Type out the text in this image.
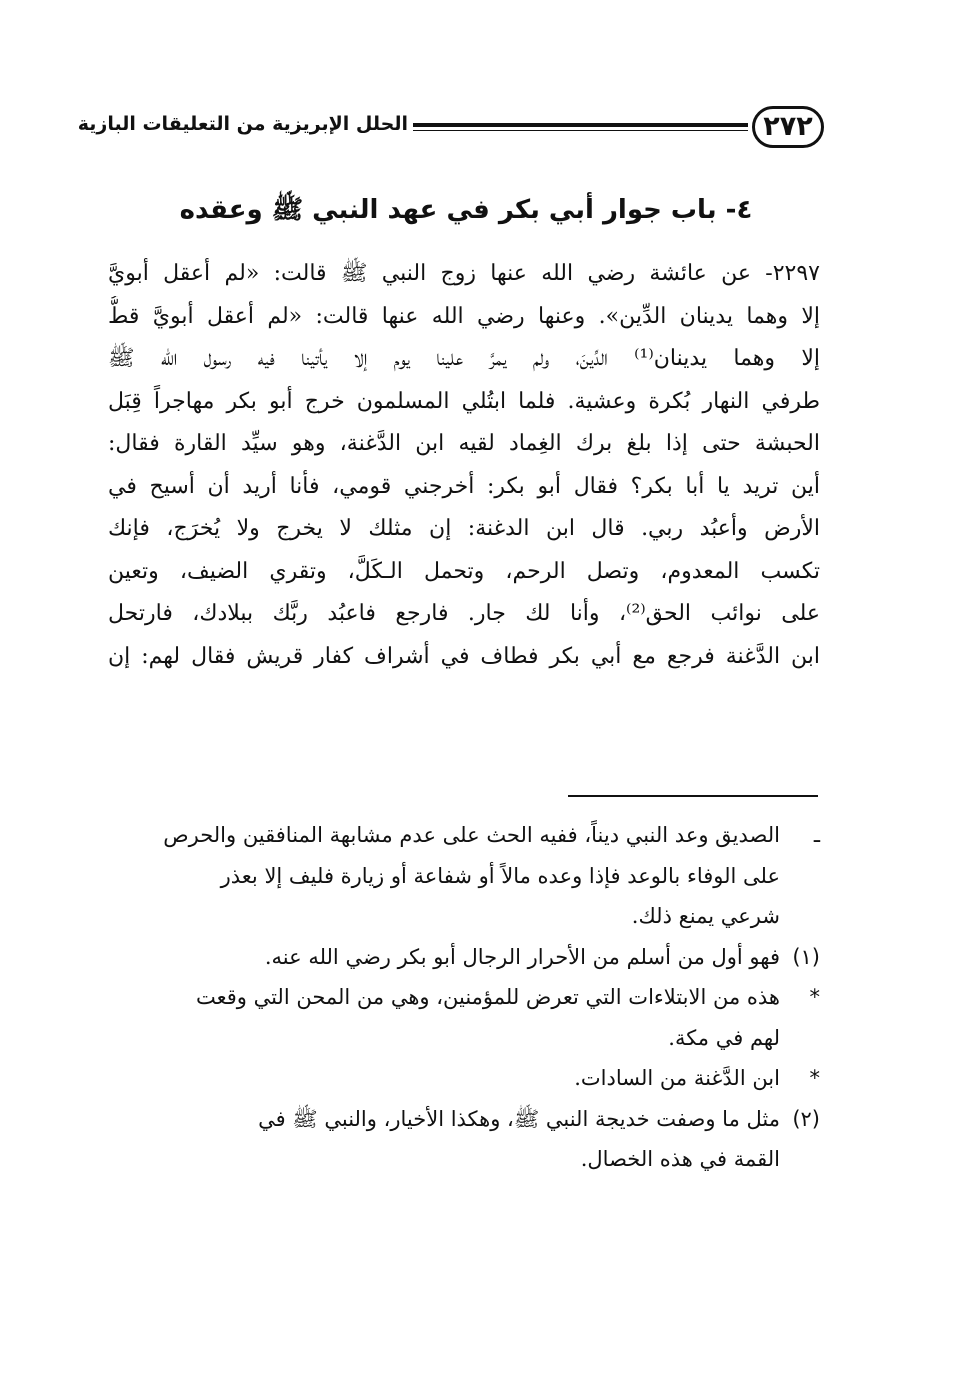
٢٧٢
الحلل الإبريزية من التعليقات البازية
٤- باب جوار أبي بكر في عهد النبي ﷺ وعقده
٢٢٩٧- عن عائشة رضي الله عنها زوج النبي ﷺ قالت: «لم أعقل أبويَّ
إلا وهما يدينان الدِّين». وعنها رضي الله عنها قالت: «لم أعقل أبويَّ قطُّ
إلا وهما يدينان⁽¹⁾ الدِّينَ، ولم يمرَّ علينا يوم إلا يأتينا فيه رسول الله ﷺ
طرفي النهار بُكرة وعشية. فلما ابتُلي المسلمون خرج أبو بكر مهاجراً قِبَل
الحبشة حتى إذا بلغ برك الغِماد لقيه ابن الدَّغنة، وهو سيِّد القارة فقال:
أين تريد يا أبا بكر؟ فقال أبو بكر: أخرجني قومي، فأنا أريد أن أسيح في
الأرض وأعبُد ربي. قال ابن الدغنة: إن مثلك لا يخرج ولا يُخرَج، فإنك
تكسب المعدوم، وتصل الرحم، وتحمل الـكَلَّ، وتقري الضيف، وتعين
على نوائب الحق⁽²⁾، وأنا لك جار. فارجع فاعبُد ربَّك ببلادك، فارتحل
ابن الدَّغنة فرجع مع أبي بكر فطاف في أشراف كفار قريش فقال لهم: إن
ـ
الصديق وعد النبي ديناً، ففيه الحث على عدم مشابهة المنافقين والحرص
على الوفاء بالوعد فإذا وعده مالاً أو شفاعة أو زيارة فليف إلا بعذر
شرعي يمنع ذلك.
(١)
فهو أول من أسلم من الأحرار الرجال أبو بكر رضي الله عنه.
*
هذه من الابتلاءات التي تعرض للمؤمنين، وهي من المحن التي وقعت
لهم في مكة.
*
ابن الدَّغنة من السادات.
(٢)
مثل ما وصفت خديجة النبي ﷺ، وهكذا الأخيار، والنبي ﷺ في
القمة في هذه الخصال.
